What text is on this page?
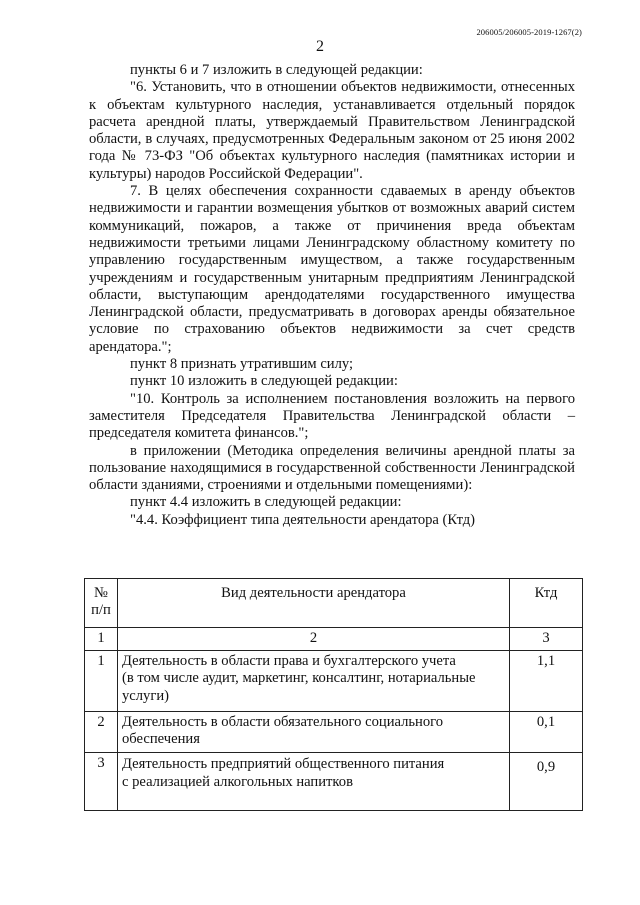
206005/206005-2019-1267(2)
2

пункты 6 и 7 изложить в следующей редакции:

"6. Установить, что в отношении объектов недвижимости, отнесенных к объектам культурного наследия, устанавливается отдельный порядок расчета арендной платы, утверждаемый Правительством Ленинградской области, в случаях, предусмотренных Федеральным законом от 25 июня 2002 года № 73-ФЗ "Об объектах культурного наследия (памятниках истории и культуры) народов Российской Федерации".

7. В целях обеспечения сохранности сдаваемых в аренду объектов недвижимости и гарантии возмещения убытков от возможных аварий систем коммуникаций, пожаров, а также от причинения вреда объектам недвижимости третьими лицами Ленинградскому областному комитету по управлению государственным имуществом, а также государственным учреждениям и государственным унитарным предприятиям Ленинградской области, выступающим арендодателями государственного имущества Ленинградской области, предусматривать в договорах аренды обязательное условие по страхованию объектов недвижимости за счет средств арендатора.";

пункт 8 признать утратившим силу;

пункт 10 изложить в следующей редакции:

"10. Контроль за исполнением постановления возложить на первого заместителя Председателя Правительства Ленинградской области – председателя комитета финансов.";

в приложении (Методика определения величины арендной платы за пользование находящимися в государственной собственности Ленинградской области зданиями, строениями и отдельными помещениями):

пункт 4.4 изложить в следующей редакции:

"4.4. Коэффициент типа деятельности арендатора (Ктд)

№
п/п	Вид деятельности арендатора	Ктд
1	2	3
1	Деятельность в области права и бухгалтерского учета
(в том числе аудит, маркетинг, консалтинг, нотариальные услуги)	1,1
2	Деятельность в области обязательного социального обеспечения	0,1
3	Деятельность предприятий общественного питания
с реализацией алкогольных напитков	0,9
